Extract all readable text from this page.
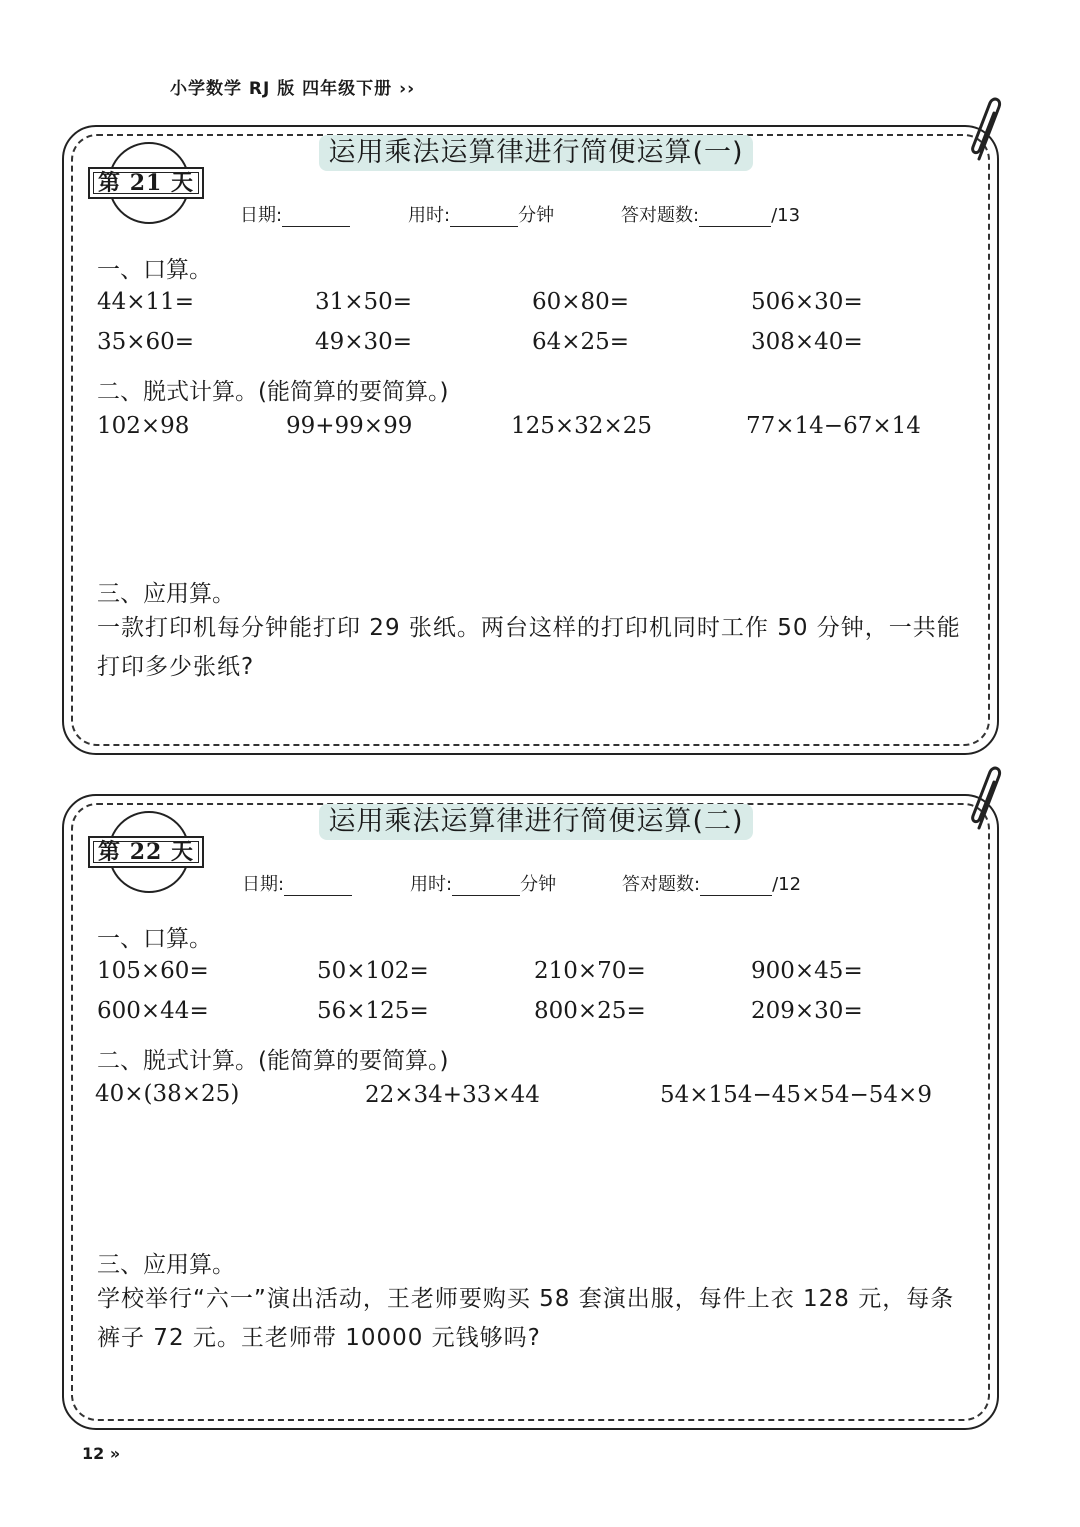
小学数学 RJ 版 四年级下册 ››
运用乘法运算律进行简便运算(一)
第 21 天
日期:	用时:	分钟	答对题数:	/13
一、口算。
44×11=	31×50=	60×80=	506×30=
35×60=	49×30=	64×25=	308×40=
二、脱式计算。(能简算的要简算。)
102×98	99+99×99	125×32×25	77×14−67×14
三、应用算。
一款打印机每分钟能打印 29 张纸。两台这样的打印机同时工作 50 分钟，一共能打印多少张纸?
运用乘法运算律进行简便运算(二)
第 22 天
日期:	用时:	分钟	答对题数:	/12
一、口算。
105×60=	50×102=	210×70=	900×45=
600×44=	56×125=	800×25=	209×30=
二、脱式计算。(能简算的要简算。)
40×(38×25)	22×34+33×44	54×154−45×54−54×9
三、应用算。
学校举行“六一”演出活动，王老师要购买 58 套演出服，每件上衣 128 元，每条裤子 72 元。王老师带 10000 元钱够吗?
12 »
